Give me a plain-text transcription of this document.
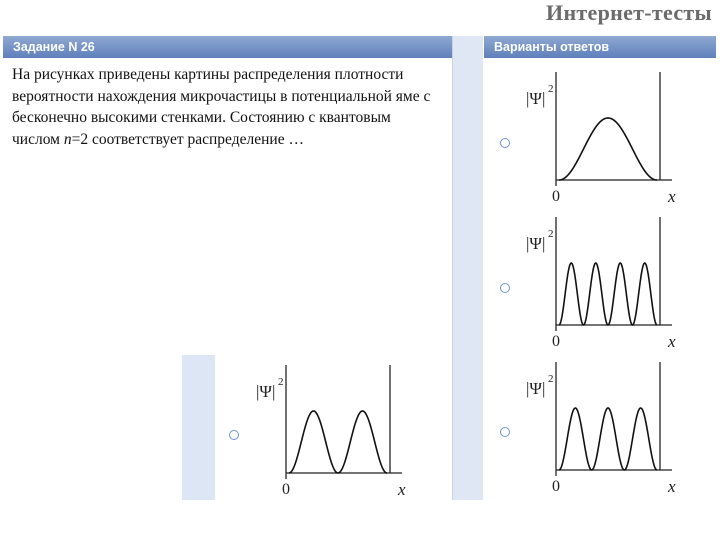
Интернет-тесты
Задание N 26
На рисунках приведены картины распределения плотности вероятности нахождения микрочастицы в потенциальной яме с бесконечно высокими стенками. Состоянию с квантовым числом n=2 соответствует распределение …
Варианты ответов
|Ψ| 2
0	x
|Ψ| 2
0	x
|Ψ| 2
0	x
|Ψ| 2
0	x
